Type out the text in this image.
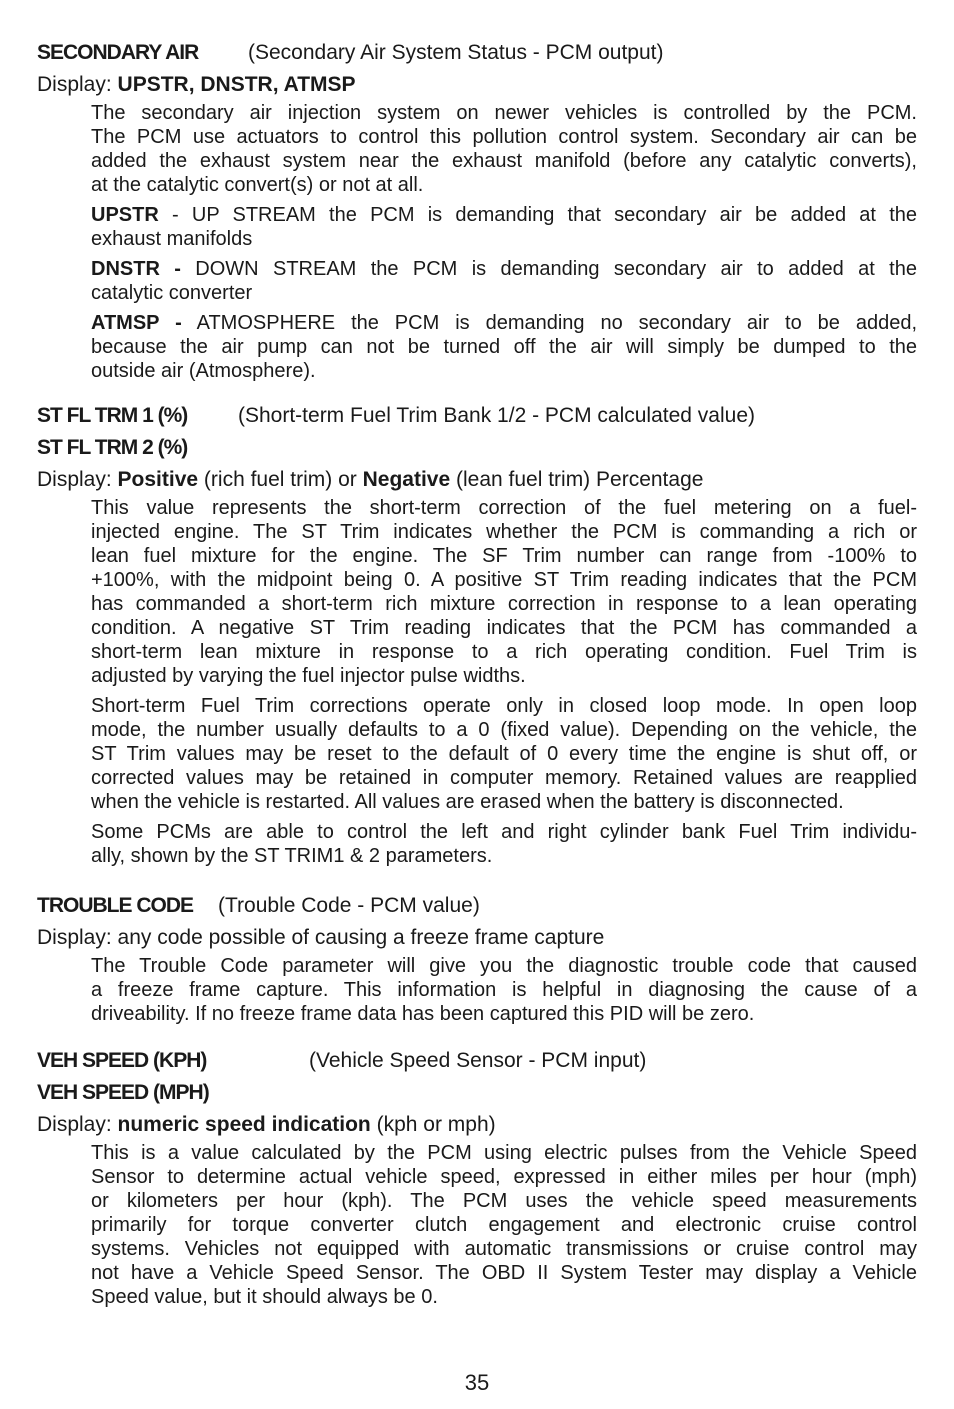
SECONDARY AIR (Secondary Air System Status - PCM output)
Display: UPSTR, DNSTR, ATMSP
The secondary air injection system on newer vehicles is controlled by the PCM.
The PCM use actuators to control this pollution control system. Secondary air can be
added the exhaust system near the exhaust manifold (before any catalytic converts),
at the catalytic convert(s) or not at all.
UPSTR - UP STREAM the PCM is demanding that secondary air be added at the
exhaust manifolds
DNSTR - DOWN STREAM the PCM is demanding secondary air to added at the
catalytic converter
ATMSP - ATMOSPHERE the PCM is demanding no secondary air to be added,
because the air pump can not be turned off the air will simply be dumped to the
outside air (Atmosphere).
ST FL TRM 1 (%) (Short-term Fuel Trim Bank 1/2 - PCM calculated value)
ST FL TRM 2 (%)
Display: Positive (rich fuel trim) or Negative (lean fuel trim) Percentage
This value represents the short-term correction of the fuel metering on a fuel-
injected engine. The ST Trim indicates whether the PCM is commanding a rich or
lean fuel mixture for the engine. The SF Trim number can range from -100% to
+100%, with the midpoint being 0. A positive ST Trim reading indicates that the PCM
has commanded a short-term rich mixture correction in response to a lean operating
condition. A negative ST Trim reading indicates that the PCM has commanded a
short-term lean mixture in response to a rich operating condition. Fuel Trim is
adjusted by varying the fuel injector pulse widths.
Short-term Fuel Trim corrections operate only in closed loop mode. In open loop
mode, the number usually defaults to a 0 (fixed value). Depending on the vehicle, the
ST Trim values may be reset to the default of 0 every time the engine is shut off, or
corrected values may be retained in computer memory. Retained values are reapplied
when the vehicle is restarted. All values are erased when the battery is disconnected.
Some PCMs are able to control the left and right cylinder bank Fuel Trim individu-
ally, shown by the ST TRIM1 & 2 parameters.
TROUBLE CODE (Trouble Code - PCM value)
Display: any code possible of causing a freeze frame capture
The Trouble Code parameter will give you the diagnostic trouble code that caused
a freeze frame capture. This information is helpful in diagnosing the cause of a
driveability. If no freeze frame data has been captured this PID will be zero.
VEH SPEED (KPH)	(Vehicle Speed Sensor - PCM input)
VEH SPEED (MPH)
Display: numeric speed indication (kph or mph)
This is a value calculated by the PCM using electric pulses from the Vehicle Speed
Sensor to determine actual vehicle speed, expressed in either miles per hour (mph)
or kilometers per hour (kph). The PCM uses the vehicle speed measurements
primarily for torque converter clutch engagement and electronic cruise control
systems. Vehicles not equipped with automatic transmissions or cruise control may
not have a Vehicle Speed Sensor. The OBD II System Tester may display a Vehicle
Speed value, but it should always be 0.
35
